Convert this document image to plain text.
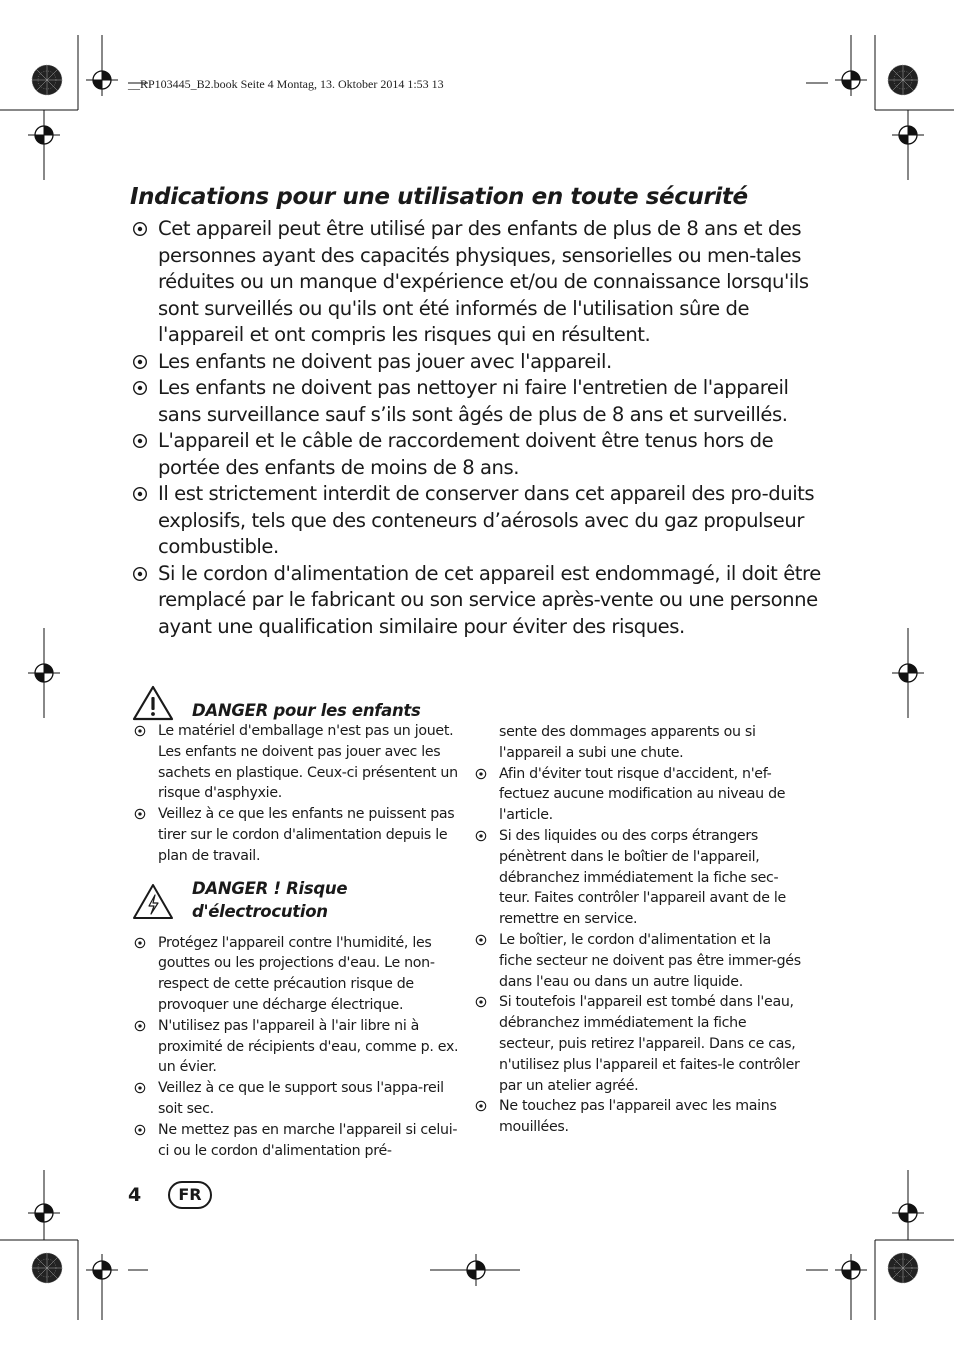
__RP103445_B2.book Seite 4 Montag, 13. Oktober 2014 1:53 13
Indications pour une utilisation en toute sécurité
Cet appareil peut être utilisé par des enfants de plus de 8 ans et des personnes ayant des capacités physiques, sensorielles ou men-tales réduites ou un manque d'expérience et/ou de connaissance lorsqu'ils sont surveillés ou qu'ils ont été informés de l'utilisation sûre de l'appareil et ont compris les risques qui en résultent.
Les enfants ne doivent pas jouer avec l'appareil.
Les enfants ne doivent pas nettoyer ni faire l'entretien de l'appareil sans surveillance sauf s’ils sont âgés de plus de 8 ans et surveillés.
L'appareil et le câble de raccordement doivent être tenus hors de portée des enfants de moins de 8 ans.
Il est strictement interdit de conserver dans cet appareil des pro-duits explosifs, tels que des conteneurs d’aérosols avec du gaz propulseur combustible.
Si le cordon d'alimentation de cet appareil est endommagé, il doit être remplacé par le fabricant ou son service après-vente ou une personne ayant une qualification similaire pour éviter des risques.
DANGER pour les enfants
Le matériel d'emballage n'est pas un jouet. Les enfants ne doivent pas jouer avec les sachets en plastique. Ceux-ci présentent un risque d'asphyxie.
Veillez à ce que les enfants ne puissent pas tirer sur le cordon d'alimentation depuis le plan de travail.
DANGER ! Risque
d'électrocution
Protégez l'appareil contre l'humidité, les gouttes ou les projections d'eau. Le non-respect de cette précaution risque de provoquer une décharge électrique.
N'utilisez pas l'appareil à l'air libre ni à proximité de récipients d'eau, comme p. ex. un évier.
Veillez à ce que le support sous l'appa-reil soit sec.
Ne mettez pas en marche l'appareil si celui-ci ou le cordon d'alimentation pré-
sente des dommages apparents ou si l'appareil a subi une chute.
Afin d'éviter tout risque d'accident, n'ef-fectuez aucune modification au niveau de l'article.
Si des liquides ou des corps étrangers pénètrent dans le boîtier de l'appareil, débranchez immédiatement la fiche sec-teur. Faites contrôler l'appareil avant de le remettre en service.
Le boîtier, le cordon d'alimentation et la fiche secteur ne doivent pas être immer-gés dans l'eau ou dans un autre liquide.
Si toutefois l'appareil est tombé dans l'eau, débranchez immédiatement la fiche secteur, puis retirez l'appareil. Dans ce cas, n'utilisez plus l'appareil et faites-le contrôler par un atelier agréé.
Ne touchez pas l'appareil avec les mains mouillées.
4	FR
